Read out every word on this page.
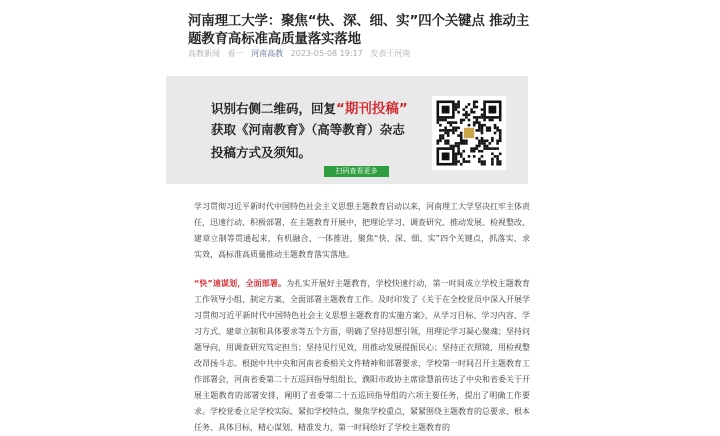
河南理工大学：聚焦“快、深、细、实”四个关键点 推动主题教育高标准高质量落实落地
高教新闻 看一 河南高教 2023-05-08 19:17 发表于河南
识别右侧二维码，回复“期刊投稿”
获取《河南教育》（高等教育）杂志
投稿方式及须知。
扫码查看更多
学习贯彻习近平新时代中国特色社会主义思想主题教育启动以来，河南理工大学坚决扛牢主体责任，迅速行动、积极部署，在主题教育开展中，把理论学习、调查研究、推动发展、检视整改、建章立制等贯通起来，有机融合、一体推进，聚焦“快、深、细、实”四个关键点，抓落实、求实效，高标准高质量推动主题教育落实落地。
“快”速谋划，全面部署。为扎实开展好主题教育，学校快速行动，第一时间成立学校主题教育工作领导小组、制定方案，全面部署主题教育工作。及时印发了《关于在全校党员中深入开展学习贯彻习近平新时代中国特色社会主义思想主题教育的实施方案》，从学习目标、学习内容、学习方式、建章立制和具体要求等五个方面，明确了坚持思想引领，用理论学习凝心聚魂；坚持问题导向，用调查研究笃定担当；坚持见行见效，用推动发展提振民心；坚持正衣照镜，用检视整改昂扬斗志。根据中共中央和河南省委相关文件精神和部署要求，学校第一时间召开主题教育工作部署会，河南省委第二十五巡回指导组组长、濮阳市政协主席徐慧前传达了中央和省委关于开展主题教育的部署安排，阐明了省委第二十五巡回指导组的六项主要任务，提出了明确工作要求。学校党委立足学校实际、紧扣学校特点、聚焦学校重点，紧紧围绕主题教育的总要求、根本任务、具体目标，精心谋划、精准发力，第一时间绘好了学校主题教育的
